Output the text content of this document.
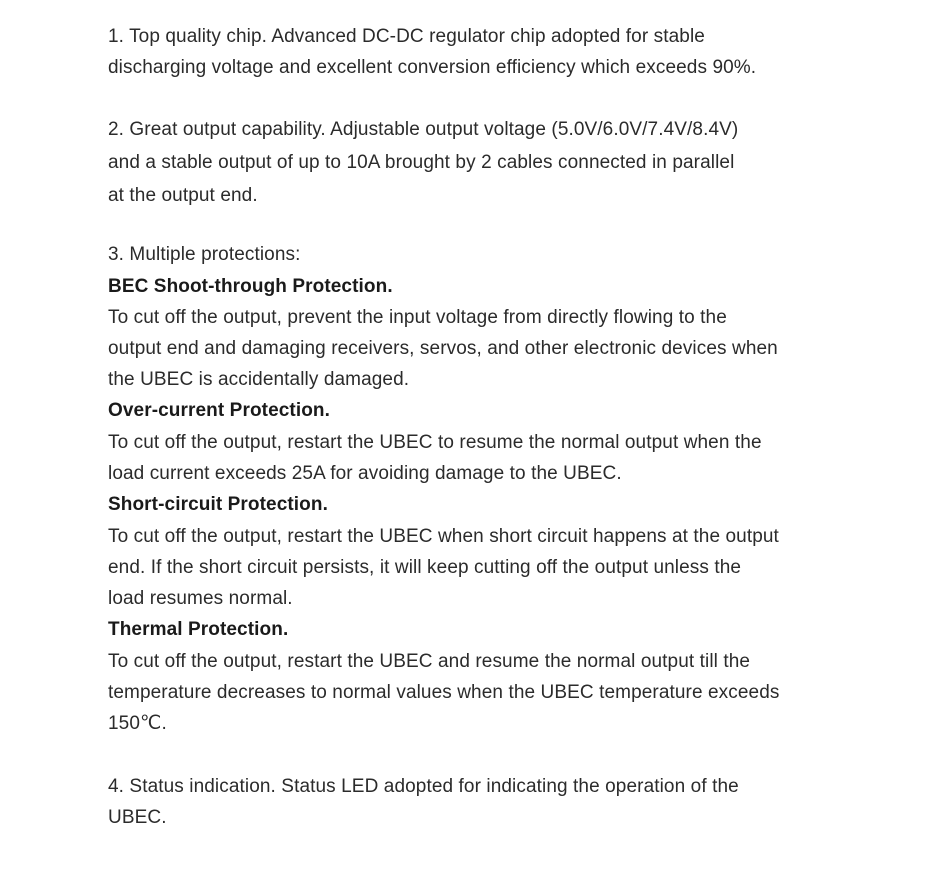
1. Top quality chip. Advanced DC-DC regulator chip adopted for stable
discharging voltage and excellent conversion efficiency which exceeds 90%.
2. Great output capability. Adjustable output voltage (5.0V/6.0V/7.4V/8.4V)
and a stable output of up to 10A brought by 2 cables connected in parallel
at the output end.
3. Multiple protections:
BEC Shoot-through Protection.
To cut off the output, prevent the input voltage from directly flowing to the
output end and damaging receivers, servos, and other electronic devices when
the UBEC is accidentally damaged.
Over-current Protection.
To cut off the output, restart the UBEC to resume the normal output when the
load current exceeds 25A for avoiding damage to the UBEC.
Short-circuit Protection.
To cut off the output, restart the UBEC when short circuit happens at the output
end. If the short circuit persists, it will keep cutting off the output unless the
load resumes normal.
Thermal Protection.
To cut off the output, restart the UBEC and resume the normal output till the
temperature decreases to normal values when the UBEC temperature exceeds
150℃.
4. Status indication. Status LED adopted for indicating the operation of the
UBEC.
